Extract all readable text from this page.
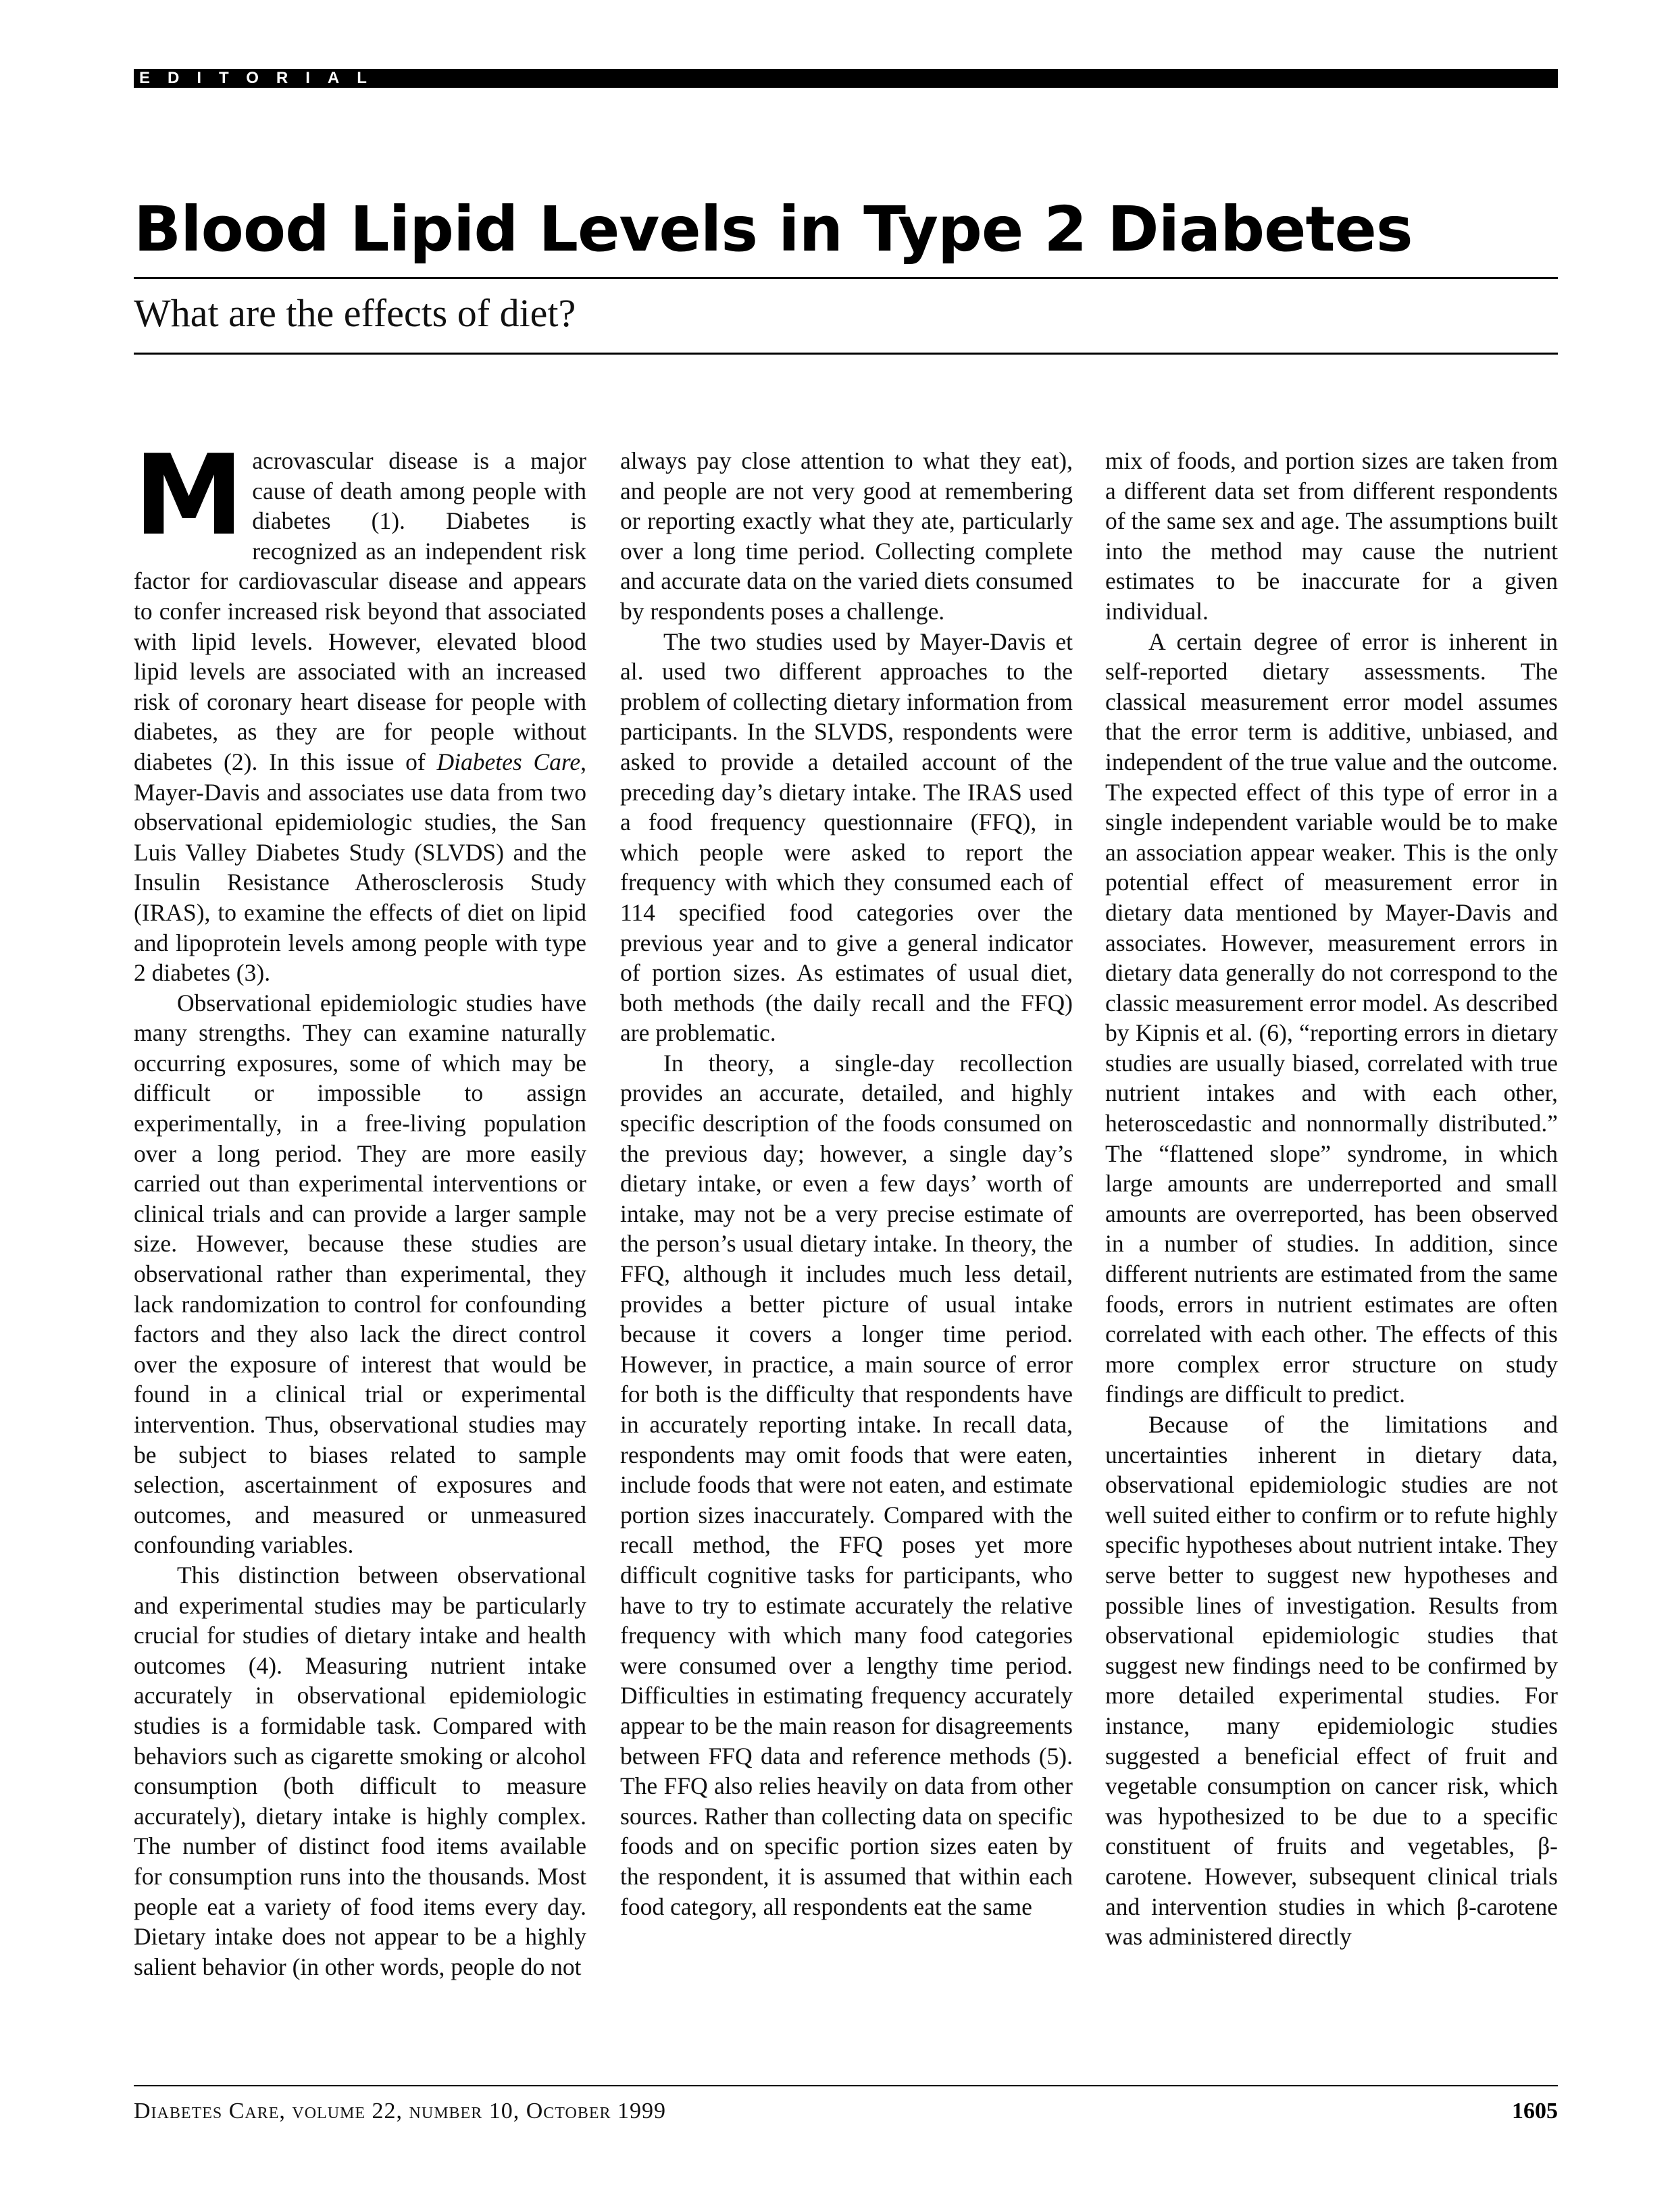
EDITORIAL
Blood Lipid Levels in Type 2 Diabetes
What are the effects of diet?

Macrovascular disease is a major cause of death among people with diabetes (1). Diabetes is recognized as an independent risk factor for cardiovascular disease and appears to confer increased risk beyond that associated with lipid levels. However, elevated blood lipid levels are associated with an increased risk of coronary heart disease for people with diabetes, as they are for people without diabetes (2). In this issue of Diabetes Care, Mayer-Davis and associates use data from two observational epidemiologic studies, the San Luis Valley Diabetes Study (SLVDS) and the Insulin Resistance Atherosclerosis Study (IRAS), to examine the effects of diet on lipid and lipoprotein levels among people with type 2 diabetes (3).

Observational epidemiologic studies have many strengths. They can examine naturally occurring exposures, some of which may be difficult or impossible to assign experimentally, in a free-living population over a long period. They are more easily carried out than experimental interventions or clinical trials and can provide a larger sample size. However, because these studies are observational rather than experimental, they lack randomization to control for confounding factors and they also lack the direct control over the exposure of interest that would be found in a clinical trial or experimental intervention. Thus, observational studies may be subject to biases related to sample selection, ascertainment of exposures and outcomes, and measured or unmeasured confounding variables.

This distinction between observational and experimental studies may be particularly crucial for studies of dietary intake and health outcomes (4). Measuring nutrient intake accurately in observational epidemiologic studies is a formidable task. Compared with behaviors such as cigarette smoking or alcohol consumption (both difficult to measure accurately), dietary intake is highly complex. The number of distinct food items available for consumption runs into the thousands. Most people eat a variety of food items every day. Dietary intake does not appear to be a highly salient behavior (in other words, people do not

always pay close attention to what they eat), and people are not very good at remembering or reporting exactly what they ate, particularly over a long time period. Collecting complete and accurate data on the varied diets consumed by respondents poses a challenge.

The two studies used by Mayer-Davis et al. used two different approaches to the problem of collecting dietary information from participants. In the SLVDS, respondents were asked to provide a detailed account of the preceding day’s dietary intake. The IRAS used a food frequency questionnaire (FFQ), in which people were asked to report the frequency with which they consumed each of 114 specified food categories over the previous year and to give a general indicator of portion sizes. As estimates of usual diet, both methods (the daily recall and the FFQ) are problematic.

In theory, a single-day recollection provides an accurate, detailed, and highly specific description of the foods consumed on the previous day; however, a single day’s dietary intake, or even a few days’ worth of intake, may not be a very precise estimate of the person’s usual dietary intake. In theory, the FFQ, although it includes much less detail, provides a better picture of usual intake because it covers a longer time period. However, in practice, a main source of error for both is the difficulty that respondents have in accurately reporting intake. In recall data, respondents may omit foods that were eaten, include foods that were not eaten, and estimate portion sizes inaccurately. Compared with the recall method, the FFQ poses yet more difficult cognitive tasks for participants, who have to try to estimate accurately the relative frequency with which many food categories were consumed over a lengthy time period. Difficulties in estimating frequency accurately appear to be the main reason for disagreements between FFQ data and reference methods (5). The FFQ also relies heavily on data from other sources. Rather than collecting data on specific foods and on specific portion sizes eaten by the respondent, it is assumed that within each food category, all respondents eat the same

mix of foods, and portion sizes are taken from a different data set from different respondents of the same sex and age. The assumptions built into the method may cause the nutrient estimates to be inaccurate for a given individual.

A certain degree of error is inherent in self-reported dietary assessments. The classical measurement error model assumes that the error term is additive, unbiased, and independent of the true value and the outcome. The expected effect of this type of error in a single independent variable would be to make an association appear weaker. This is the only potential effect of measurement error in dietary data mentioned by Mayer-Davis and associates. However, measurement errors in dietary data generally do not correspond to the classic measurement error model. As described by Kipnis et al. (6), “reporting errors in dietary studies are usually biased, correlated with true nutrient intakes and with each other, heteroscedastic and nonnormally distributed.” The “flattened slope” syndrome, in which large amounts are underreported and small amounts are overreported, has been observed in a number of studies. In addition, since different nutrients are estimated from the same foods, errors in nutrient estimates are often correlated with each other. The effects of this more complex error structure on study findings are difficult to predict.

Because of the limitations and uncertainties inherent in dietary data, observational epidemiologic studies are not well suited either to confirm or to refute highly specific hypotheses about nutrient intake. They serve better to suggest new hypotheses and possible lines of investigation. Results from observational epidemiologic studies that suggest new findings need to be confirmed by more detailed experimental studies. For instance, many epidemiologic studies suggested a beneficial effect of fruit and vegetable consumption on cancer risk, which was hypothesized to be due to a specific constituent of fruits and vegetables, β-carotene. However, subsequent clinical trials and intervention studies in which β-carotene was administered directly

Diabetes Care, volume 22, number 10, October 1999	1605
